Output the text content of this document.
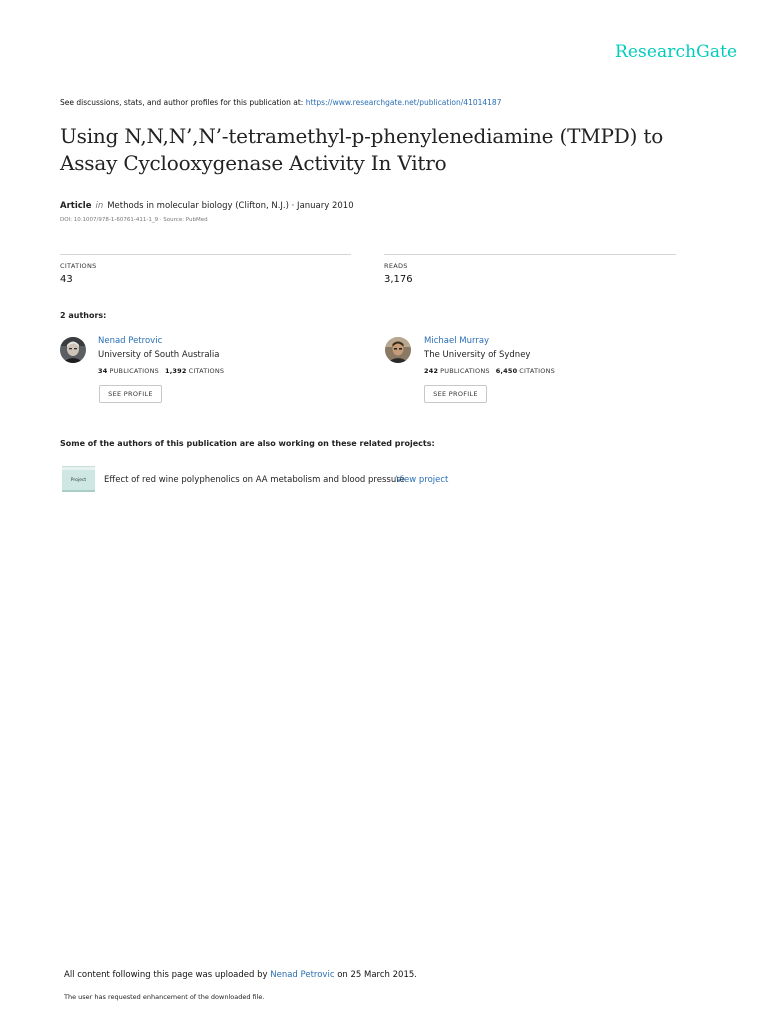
ResearchGate
See discussions, stats, and author profiles for this publication at: https://www.researchgate.net/publication/41014187
Using N,N,N’,N’-tetramethyl-p-phenylenediamine (TMPD) to Assay Cyclooxygenase Activity In Vitro
Article in Methods in molecular biology (Clifton, N.J.) · January 2010
DOI: 10.1007/978-1-60761-411-1_9 · Source: PubMed
CITATIONS
43
READS
3,176
2 authors:
Nenad Petrovic
University of South Australia
34 PUBLICATIONS 1,392 CITATIONS
SEE PROFILE
Michael Murray
The University of Sydney
242 PUBLICATIONS 6,450 CITATIONS
SEE PROFILE
Some of the authors of this publication are also working on these related projects:
Project Effect of red wine polyphenolics on AA metabolism and blood pressure
View project
All content following this page was uploaded by Nenad Petrovic on 25 March 2015.
The user has requested enhancement of the downloaded file.
